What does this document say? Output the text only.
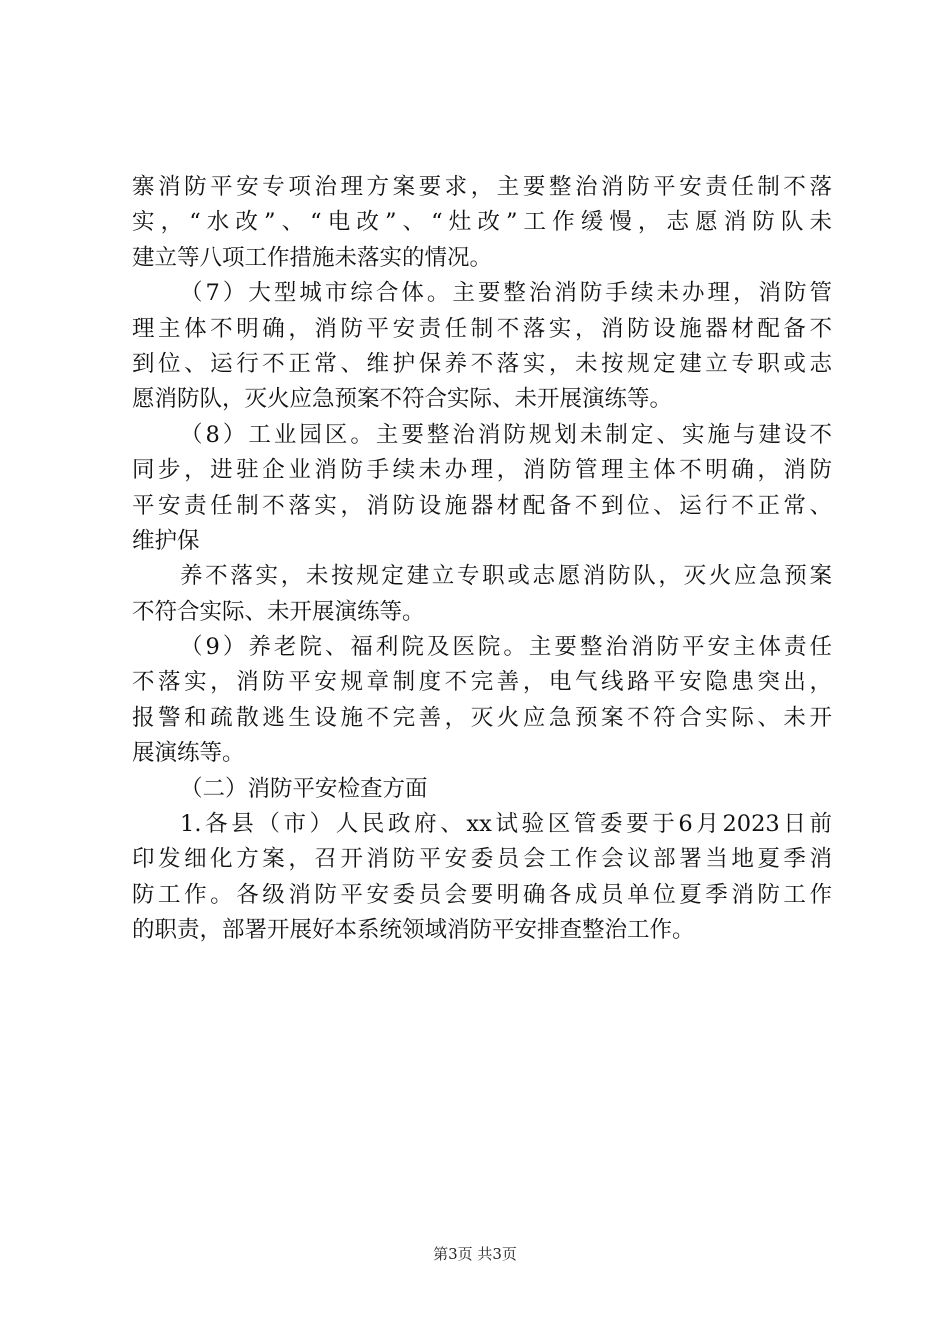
寨消防平安专项治理方案要求，主要整治消防平安责任制不落
实，“水改”、“电改”、“灶改”工作缓慢，志愿消防队未
建立等八项工作措施未落实的情况。
（7）大型城市综合体。主要整治消防手续未办理，消防管
理主体不明确，消防平安责任制不落实，消防设施器材配备不
到位、运行不正常、维护保养不落实，未按规定建立专职或志
愿消防队，灭火应急预案不符合实际、未开展演练等。
（8）工业园区。主要整治消防规划未制定、实施与建设不
同步，进驻企业消防手续未办理，消防管理主体不明确，消防
平安责任制不落实，消防设施器材配备不到位、运行不正常、
维护保
养不落实，未按规定建立专职或志愿消防队，灭火应急预案
不符合实际、未开展演练等。
（9）养老院、福利院及医院。主要整治消防平安主体责任
不落实，消防平安规章制度不完善，电气线路平安隐患突出，
报警和疏散逃生设施不完善，灭火应急预案不符合实际、未开
展演练等。
（二）消防平安检查方面
1.各县（市）人民政府、xx试验区管委要于6月2023日前
印发细化方案，召开消防平安委员会工作会议部署当地夏季消
防工作。各级消防平安委员会要明确各成员单位夏季消防工作
的职责，部署开展好本系统领域消防平安排查整治工作。
第3页 共3页
